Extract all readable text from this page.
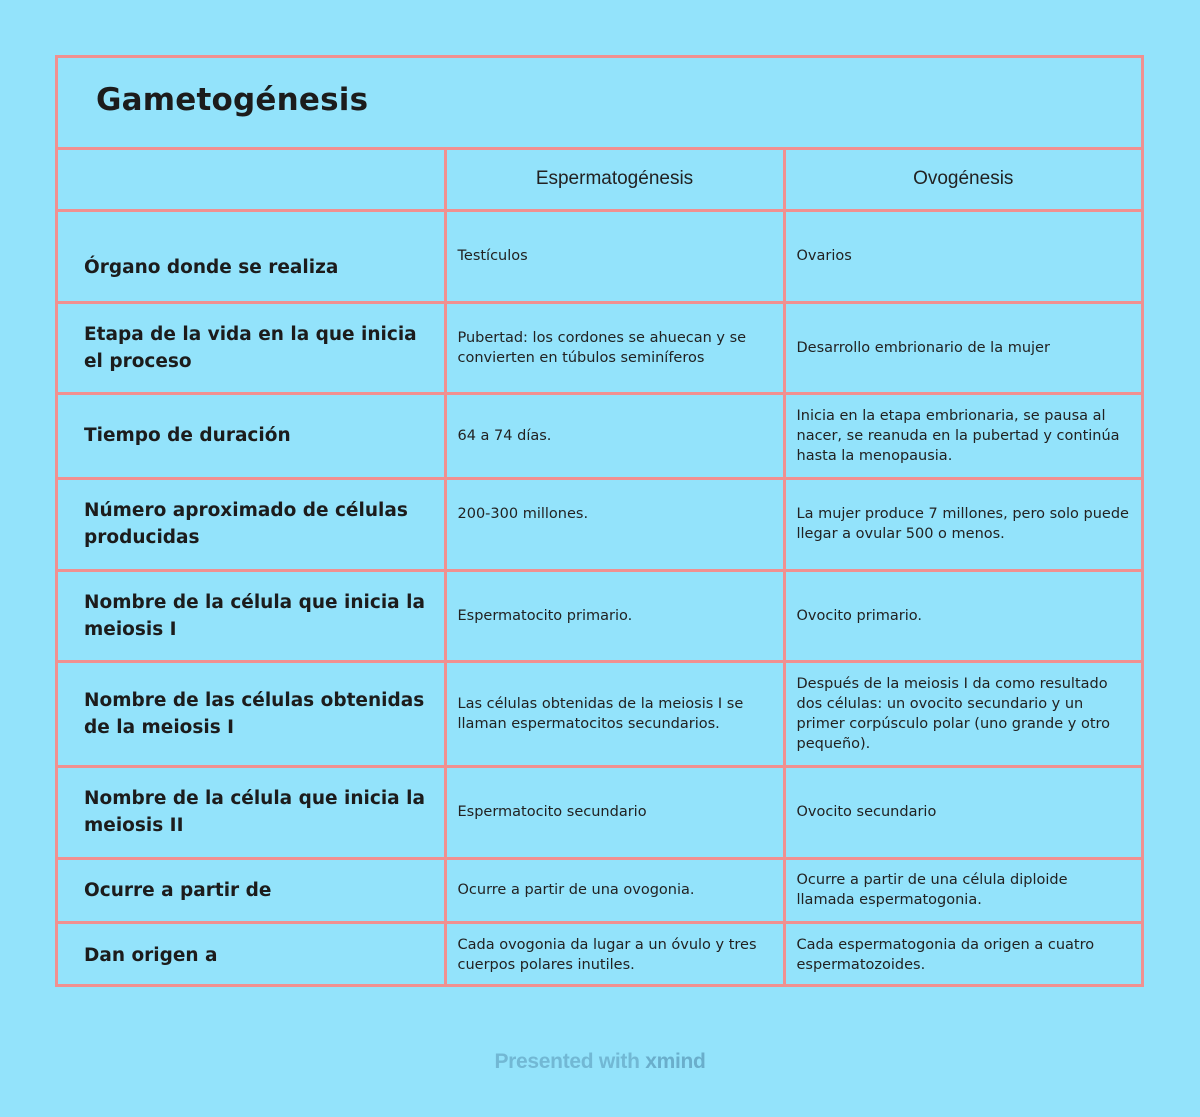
Gametogénesis
	Espermatogénesis	Ovogénesis
Órgano donde se realiza	Testículos	Ovarios
Etapa de la vida en la que inicia el proceso	Pubertad: los cordones se ahuecan y se convierten en túbulos seminíferos	Desarrollo embrionario de la mujer
Tiempo de duración	64 a 74 días.	Inicia en la etapa embrionaria, se pausa al nacer, se reanuda en la pubertad y continúa hasta la menopausia.
Número aproximado de células producidas	200-300 millones.	La mujer produce 7 millones, pero solo puede llegar a ovular 500 o menos.
Nombre de la célula que inicia la meiosis I	Espermatocito primario.	Ovocito primario.
Nombre de las células obtenidas de la meiosis I	Las células obtenidas de la meiosis I se llaman espermatocitos secundarios.	Después de la meiosis I da como resultado dos células: un ovocito secundario y un primer corpúsculo polar (uno grande y otro pequeño).
Nombre de la célula que inicia la meiosis II	Espermatocito secundario	Ovocito secundario
Ocurre a partir de	Ocurre a partir de una ovogonia.	Ocurre a partir de una célula diploide llamada espermatogonia.
Dan origen a	Cada ovogonia da lugar a un óvulo y tres cuerpos polares inutiles.	Cada espermatogonia da origen a cuatro espermatozoides.
Presented with xmind
